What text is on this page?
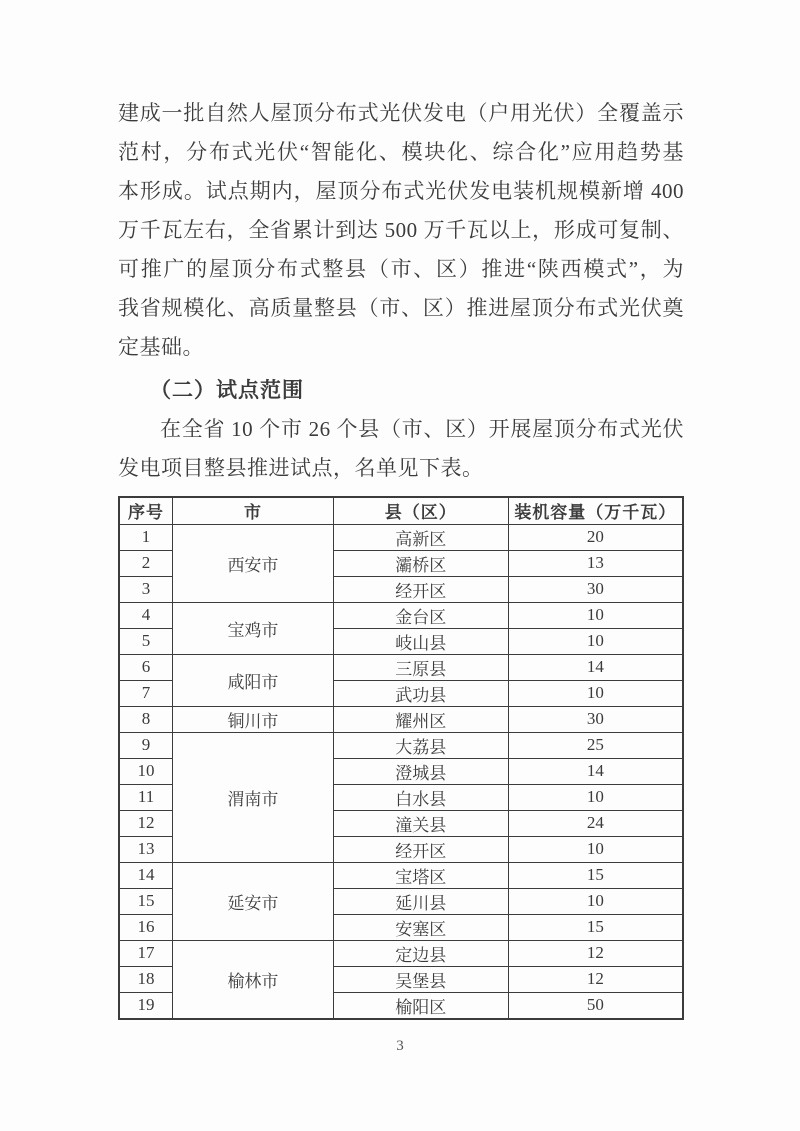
建成一批自然人屋顶分布式光伏发电（户用光伏）全覆盖示
范村，分布式光伏“智能化、模块化、综合化”应用趋势基
本形成。试点期内，屋顶分布式光伏发电装机规模新增 400
万千瓦左右，全省累计到达 500 万千瓦以上，形成可复制、
可推广的屋顶分布式整县（市、区）推进“陕西模式”，为
我省规模化、高质量整县（市、区）推进屋顶分布式光伏奠
定基础。
（二）试点范围
在全省 10 个市 26 个县（市、区）开展屋顶分布式光伏
发电项目整县推进试点，名单见下表。
序号	市	县（区）	装机容量（万千瓦）
1	西安市	高新区	20
2		灞桥区	13
3		经开区	30
4	宝鸡市	金台区	10
5		岐山县	10
6	咸阳市	三原县	14
7		武功县	10
8	铜川市	耀州区	30
9	渭南市	大荔县	25
10		澄城县	14
11		白水县	10
12		潼关县	24
13		经开区	10
14	延安市	宝塔区	15
15		延川县	10
16		安塞区	15
17	榆林市	定边县	12
18		吴堡县	12
19		榆阳区	50
3
